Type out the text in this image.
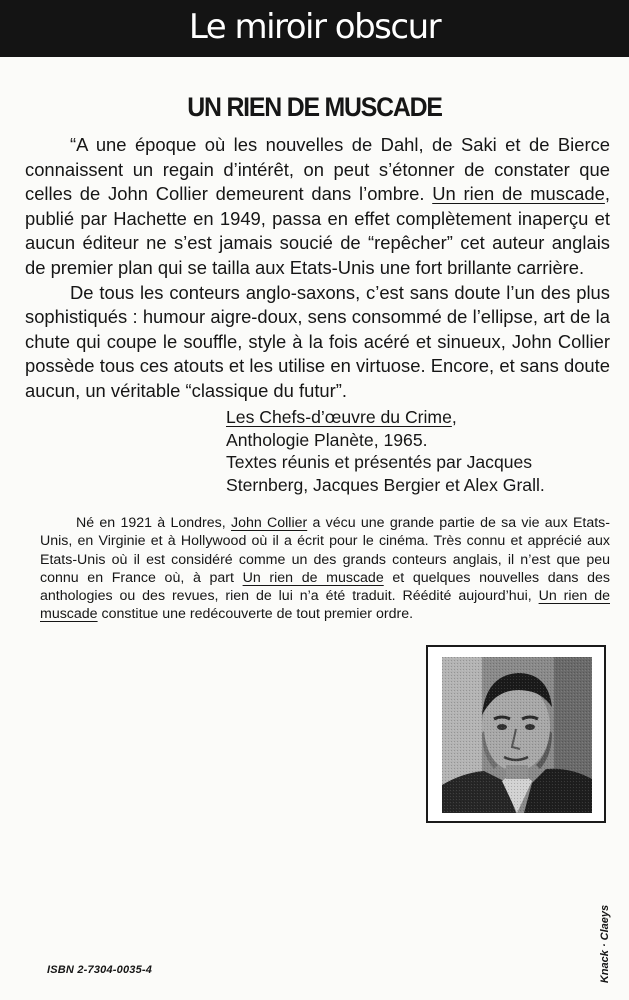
Le miroir obscur
UN RIEN DE MUSCADE

“A une époque où les nouvelles de Dahl, de Saki et de Bierce connaissent un regain d’intérêt, on peut s’étonner de constater que celles de John Collier demeurent dans l’ombre. Un rien de muscade, publié par Hachette en 1949, passa en effet complètement inaperçu et aucun éditeur ne s’est jamais soucié de “repêcher” cet auteur anglais de premier plan qui se tailla aux Etats-Unis une fort brillante carrière.

De tous les conteurs anglo-saxons, c’est sans doute l’un des plus sophistiqués : humour aigre-doux, sens consommé de l’ellipse, art de la chute qui coupe le souffle, style à la fois acéré et sinueux, John Collier possède tous ces atouts et les utilise en virtuose. Encore, et sans doute aucun, un véritable “classique du futur”.

Les Chefs-d’œuvre du Crime,
Anthologie Planète, 1965.
Textes réunis et présentés par Jacques
Sternberg, Jacques Bergier et Alex Grall.

Né en 1921 à Londres, John Collier a vécu une grande partie de sa vie aux Etats-Unis, en Virginie et à Hollywood où il a écrit pour le cinéma. Très connu et apprécié aux Etats-Unis où il est considéré comme un des grands conteurs anglais, il n’est que peu connu en France où, à part Un rien de muscade et quelques nouvelles dans des anthologies ou des revues, rien de lui n’a été traduit. Réédité aujourd’hui, Un rien de muscade constitue une redécouverte de tout premier ordre.

ISBN 2-7304-0035-4	Knack · Claeys
